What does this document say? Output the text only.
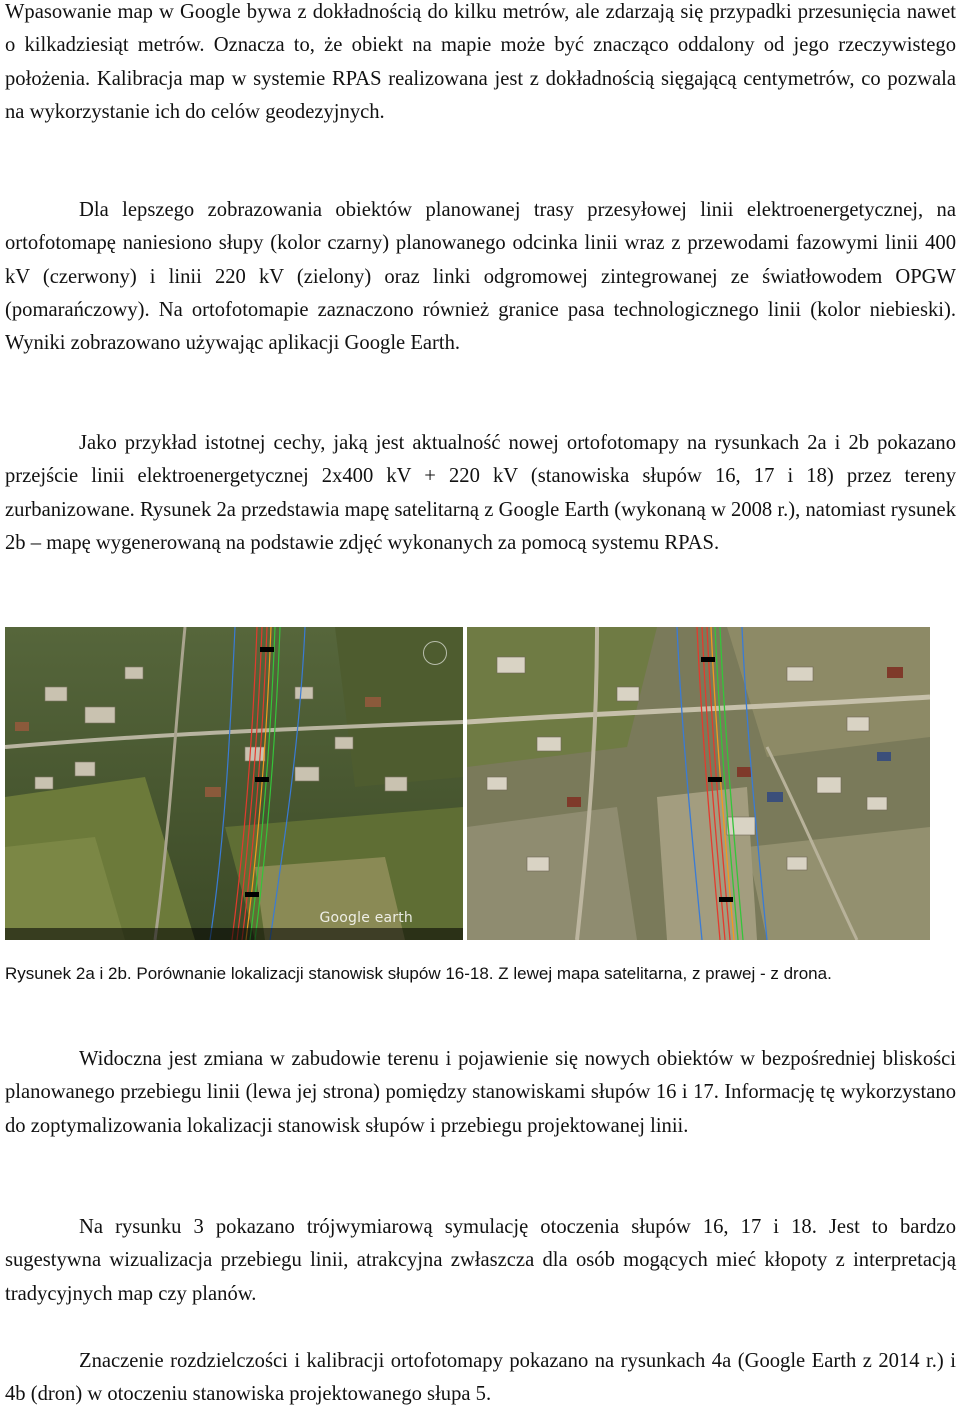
Wpasowanie map w Google bywa z dokładnością do kilku metrów, ale zdarzają się przypadki przesunięcia nawet o kilkadziesiąt metrów. Oznacza to, że obiekt na mapie może być znacząco oddalony od jego rzeczywistego położenia. Kalibracja map w systemie RPAS realizowana jest z dokładnością sięgającą centymetrów, co pozwala na wykorzystanie ich do celów geodezyjnych.

Dla lepszego zobrazowania obiektów planowanej trasy przesyłowej linii elektroenergetycznej, na ortofotomapę naniesiono słupy (kolor czarny) planowanego odcinka linii wraz z przewodami fazowymi linii 400 kV (czerwony) i linii 220 kV (zielony) oraz linki odgromowej zintegrowanej ze światłowodem OPGW (pomarańczowy). Na ortofotomapie zaznaczono również granice pasa technologicznego linii (kolor niebieski). Wyniki zobrazowano używając aplikacji Google Earth.

Jako przykład istotnej cechy, jaką jest aktualność nowej ortofotomapy na rysunkach 2a i 2b pokazano przejście linii elektroenergetycznej 2x400 kV + 220 kV (stanowiska słupów 16, 17 i 18) przez tereny zurbanizowane. Rysunek 2a przedstawia mapę satelitarną z Google Earth (wykonaną w 2008 r.), natomiast rysunek 2b – mapę wygenerowaną na podstawie zdjęć wykonanych za pomocą systemu RPAS.

Google earth

Rysunek 2a i 2b. Porównanie lokalizacji stanowisk słupów 16-18. Z lewej mapa satelitarna, z prawej - z drona.

Widoczna jest zmiana w zabudowie terenu i pojawienie się nowych obiektów w bezpośredniej bliskości planowanego przebiegu linii (lewa jej strona) pomiędzy stanowiskami słupów 16 i 17. Informację tę wykorzystano do zoptymalizowania lokalizacji stanowisk słupów i przebiegu projektowanej linii.

Na rysunku 3 pokazano trójwymiarową symulację otoczenia słupów 16, 17 i 18. Jest to bardzo sugestywna wizualizacja przebiegu linii, atrakcyjna zwłaszcza dla osób mogących mieć kłopoty z interpretacją tradycyjnych map czy planów.

Znaczenie rozdzielczości i kalibracji ortofotomapy pokazano na rysunkach 4a (Google Earth z 2014 r.) i 4b (dron) w otoczeniu stanowiska projektowanego słupa 5.
